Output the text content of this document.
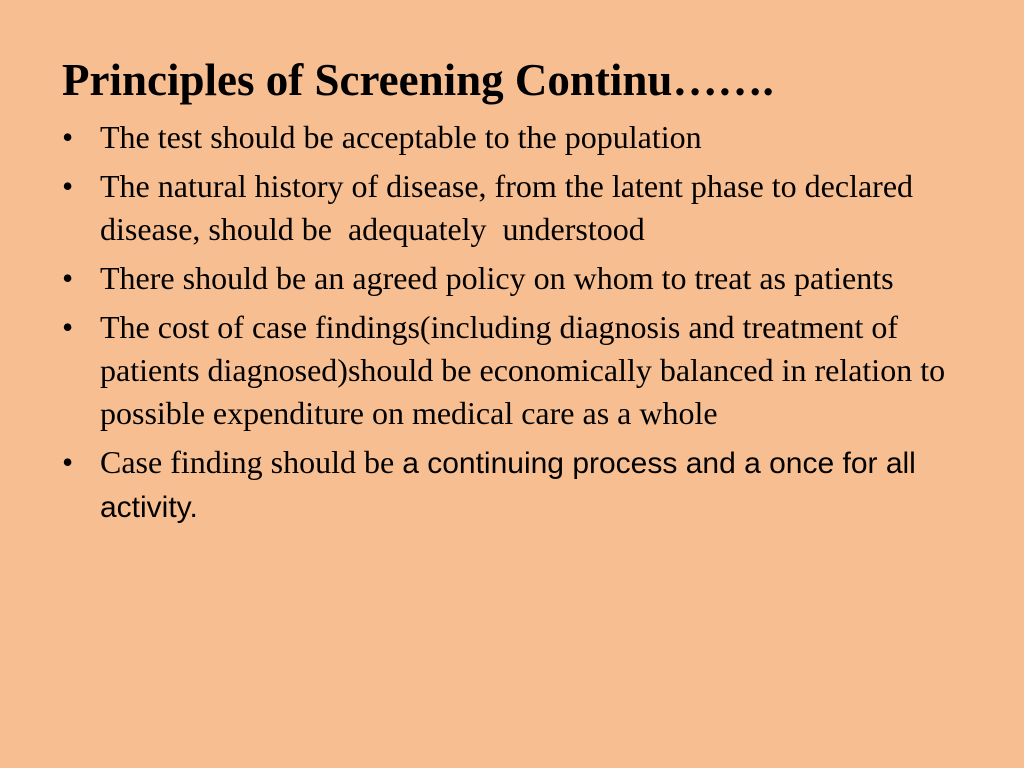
Principles of Screening Continu…….
• The test should be acceptable to the population
• The natural history of disease, from the latent phase to declared disease, should be  adequately  understood
• There should be an agreed policy on whom to treat as patients
• The cost of case findings(including diagnosis and treatment of patients diagnosed)should be economically balanced in relation to possible expenditure on medical care as a whole
• Case finding should be a continuing process and a once for all activity.
